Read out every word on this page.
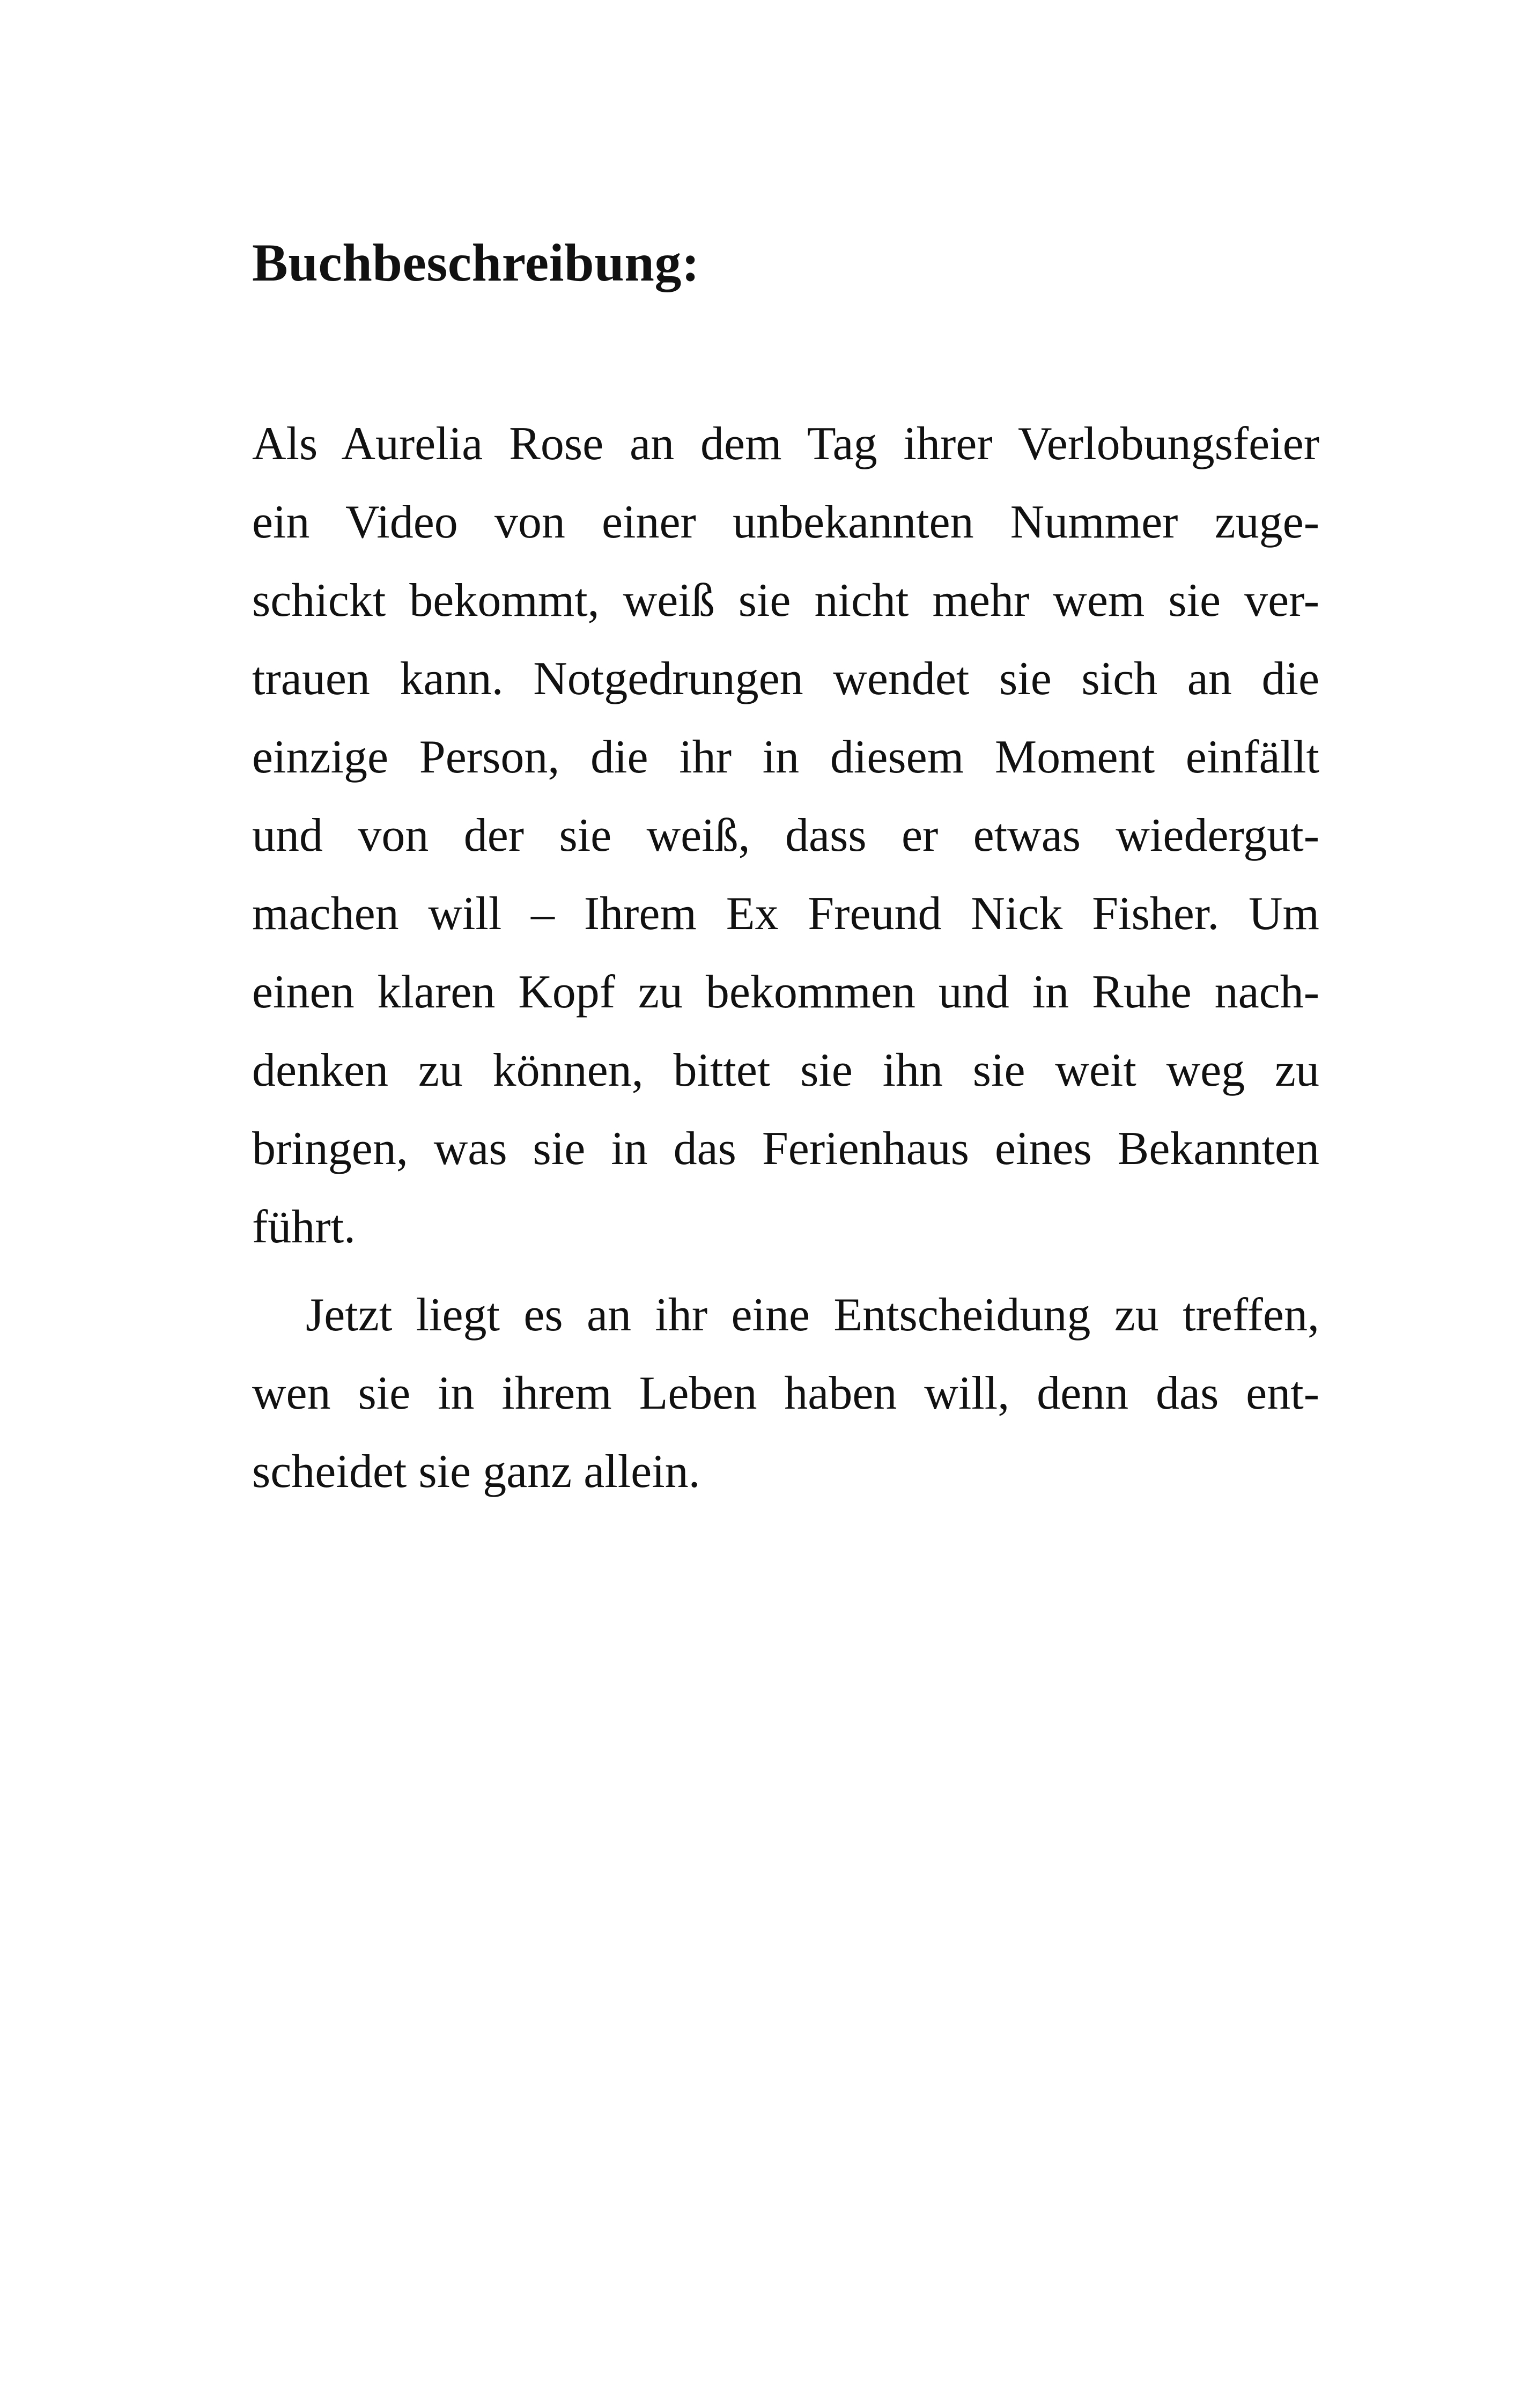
Buchbeschreibung:
Als Aurelia Rose an dem Tag ihrer Verlobungsfeier
ein Video von einer unbekannten Nummer zuge-
schickt bekommt, weiß sie nicht mehr wem sie ver-
trauen kann. Notgedrungen wendet sie sich an die
einzige Person, die ihr in diesem Moment einfällt
und von der sie weiß, dass er etwas wiedergut-
machen will – Ihrem Ex Freund Nick Fisher. Um
einen klaren Kopf zu bekommen und in Ruhe nach-
denken zu können, bittet sie ihn sie weit weg zu
bringen, was sie in das Ferienhaus eines Bekannten
führt.
Jetzt liegt es an ihr eine Entscheidung zu treffen,
wen sie in ihrem Leben haben will, denn das ent-
scheidet sie ganz allein.
